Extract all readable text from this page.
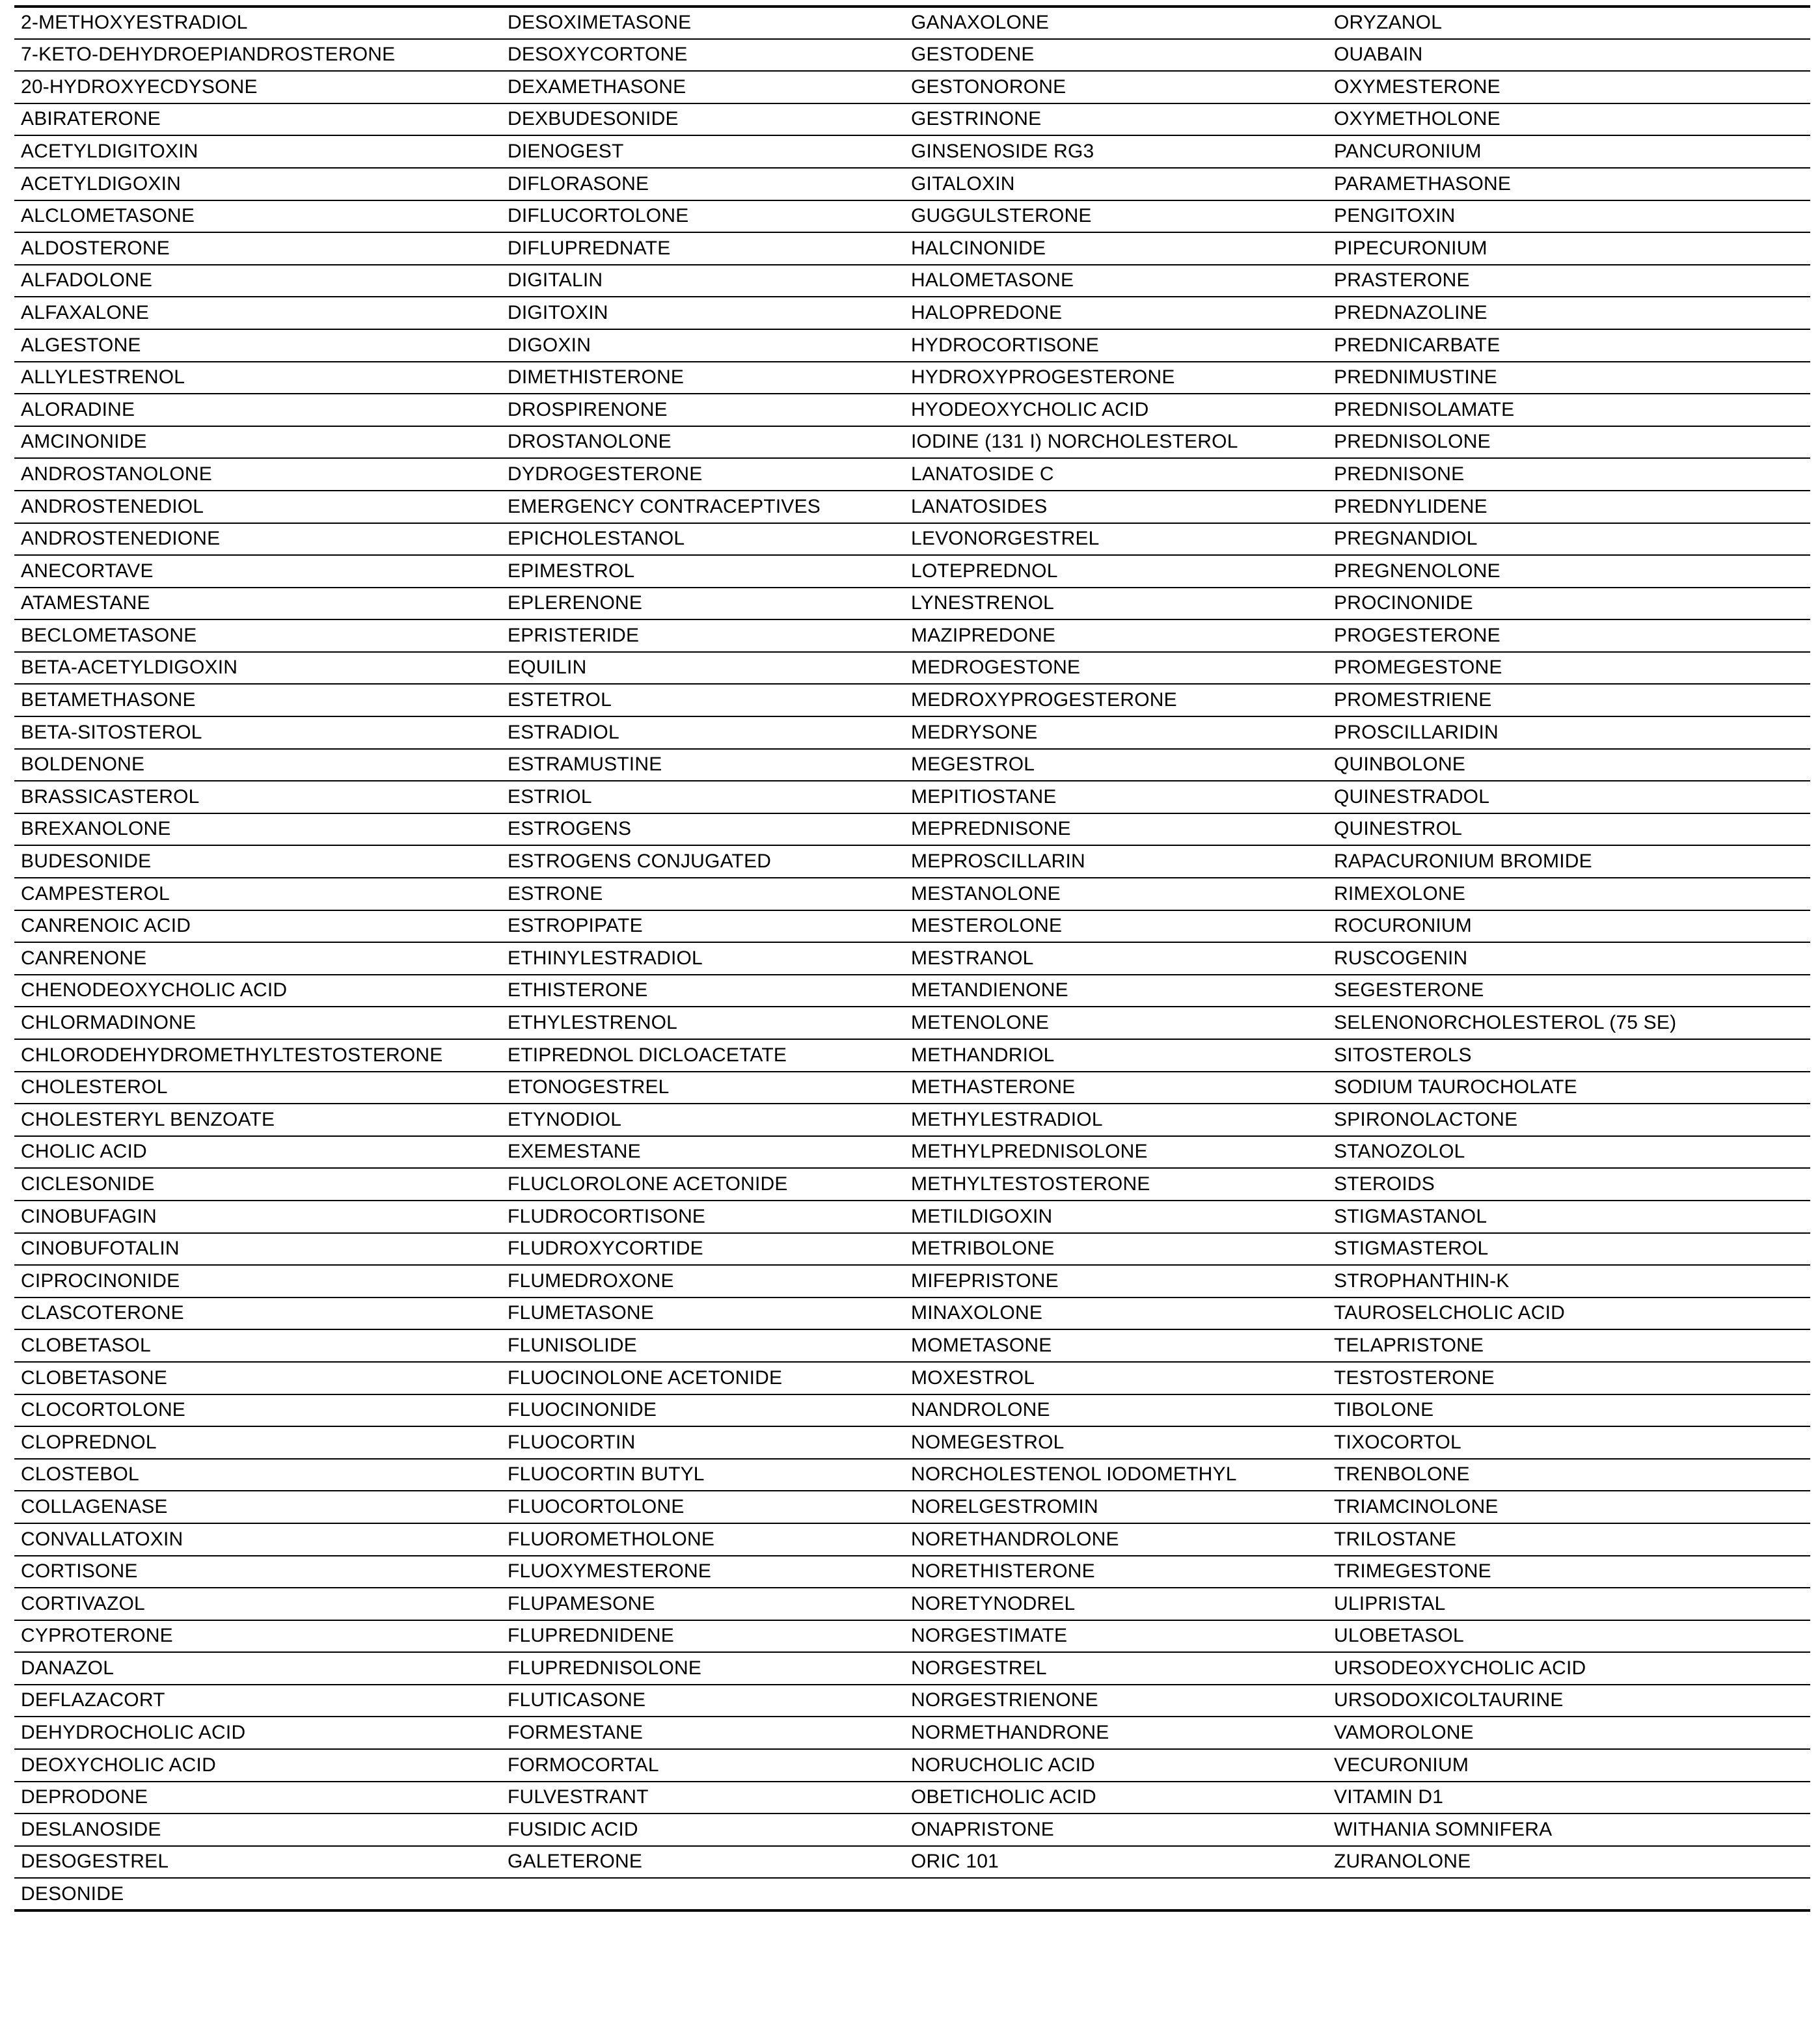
2-METHOXYESTRADIOL	DESOXIMETASONE	GANAXOLONE	ORYZANOL
7-KETO-DEHYDROEPIANDROSTERONE	DESOXYCORTONE	GESTODENE	OUABAIN
20-HYDROXYECDYSONE	DEXAMETHASONE	GESTONORONE	OXYMESTERONE
ABIRATERONE	DEXBUDESONIDE	GESTRINONE	OXYMETHOLONE
ACETYLDIGITOXIN	DIENOGEST	GINSENOSIDE RG3	PANCURONIUM
ACETYLDIGOXIN	DIFLORASONE	GITALOXIN	PARAMETHASONE
ALCLOMETASONE	DIFLUCORTOLONE	GUGGULSTERONE	PENGITOXIN
ALDOSTERONE	DIFLUPREDNATE	HALCINONIDE	PIPECURONIUM
ALFADOLONE	DIGITALIN	HALOMETASONE	PRASTERONE
ALFAXALONE	DIGITOXIN	HALOPREDONE	PREDNAZOLINE
ALGESTONE	DIGOXIN	HYDROCORTISONE	PREDNICARBATE
ALLYLESTRENOL	DIMETHISTERONE	HYDROXYPROGESTERONE	PREDNIMUSTINE
ALORADINE	DROSPIRENONE	HYODEOXYCHOLIC ACID	PREDNISOLAMATE
AMCINONIDE	DROSTANOLONE	IODINE (131 I) NORCHOLESTEROL	PREDNISOLONE
ANDROSTANOLONE	DYDROGESTERONE	LANATOSIDE C	PREDNISONE
ANDROSTENEDIOL	EMERGENCY CONTRACEPTIVES	LANATOSIDES	PREDNYLIDENE
ANDROSTENEDIONE	EPICHOLESTANOL	LEVONORGESTREL	PREGNANDIOL
ANECORTAVE	EPIMESTROL	LOTEPREDNOL	PREGNENOLONE
ATAMESTANE	EPLERENONE	LYNESTRENOL	PROCINONIDE
BECLOMETASONE	EPRISTERIDE	MAZIPREDONE	PROGESTERONE
BETA-ACETYLDIGOXIN	EQUILIN	MEDROGESTONE	PROMEGESTONE
BETAMETHASONE	ESTETROL	MEDROXYPROGESTERONE	PROMESTRIENE
BETA-SITOSTEROL	ESTRADIOL	MEDRYSONE	PROSCILLARIDIN
BOLDENONE	ESTRAMUSTINE	MEGESTROL	QUINBOLONE
BRASSICASTEROL	ESTRIOL	MEPITIOSTANE	QUINESTRADOL
BREXANOLONE	ESTROGENS	MEPREDNISONE	QUINESTROL
BUDESONIDE	ESTROGENS CONJUGATED	MEPROSCILLARIN	RAPACURONIUM BROMIDE
CAMPESTEROL	ESTRONE	MESTANOLONE	RIMEXOLONE
CANRENOIC ACID	ESTROPIPATE	MESTEROLONE	ROCURONIUM
CANRENONE	ETHINYLESTRADIOL	MESTRANOL	RUSCOGENIN
CHENODEOXYCHOLIC ACID	ETHISTERONE	METANDIENONE	SEGESTERONE
CHLORMADINONE	ETHYLESTRENOL	METENOLONE	SELENONORCHOLESTEROL (75 SE)
CHLORODEHYDROMETHYLTESTOSTERONE	ETIPREDNOL DICLOACETATE	METHANDRIOL	SITOSTEROLS
CHOLESTEROL	ETONOGESTREL	METHASTERONE	SODIUM TAUROCHOLATE
CHOLESTERYL BENZOATE	ETYNODIOL	METHYLESTRADIOL	SPIRONOLACTONE
CHOLIC ACID	EXEMESTANE	METHYLPREDNISOLONE	STANOZOLOL
CICLESONIDE	FLUCLOROLONE ACETONIDE	METHYLTESTOSTERONE	STEROIDS
CINOBUFAGIN	FLUDROCORTISONE	METILDIGOXIN	STIGMASTANOL
CINOBUFOTALIN	FLUDROXYCORTIDE	METRIBOLONE	STIGMASTEROL
CIPROCINONIDE	FLUMEDROXONE	MIFEPRISTONE	STROPHANTHIN-K
CLASCOTERONE	FLUMETASONE	MINAXOLONE	TAUROSELCHOLIC ACID
CLOBETASOL	FLUNISOLIDE	MOMETASONE	TELAPRISTONE
CLOBETASONE	FLUOCINOLONE ACETONIDE	MOXESTROL	TESTOSTERONE
CLOCORTOLONE	FLUOCINONIDE	NANDROLONE	TIBOLONE
CLOPREDNOL	FLUOCORTIN	NOMEGESTROL	TIXOCORTOL
CLOSTEBOL	FLUOCORTIN BUTYL	NORCHOLESTENOL IODOMETHYL	TRENBOLONE
COLLAGENASE	FLUOCORTOLONE	NORELGESTROMIN	TRIAMCINOLONE
CONVALLATOXIN	FLUOROMETHOLONE	NORETHANDROLONE	TRILOSTANE
CORTISONE	FLUOXYMESTERONE	NORETHISTERONE	TRIMEGESTONE
CORTIVAZOL	FLUPAMESONE	NORETYNODREL	ULIPRISTAL
CYPROTERONE	FLUPREDNIDENE	NORGESTIMATE	ULOBETASOL
DANAZOL	FLUPREDNISOLONE	NORGESTREL	URSODEOXYCHOLIC ACID
DEFLAZACORT	FLUTICASONE	NORGESTRIENONE	URSODOXICOLTAURINE
DEHYDROCHOLIC ACID	FORMESTANE	NORMETHANDRONE	VAMOROLONE
DEOXYCHOLIC ACID	FORMOCORTAL	NORUCHOLIC ACID	VECURONIUM
DEPRODONE	FULVESTRANT	OBETICHOLIC ACID	VITAMIN D1
DESLANOSIDE	FUSIDIC ACID	ONAPRISTONE	WITHANIA SOMNIFERA
DESOGESTREL	GALETERONE	ORIC 101	ZURANOLONE
DESONIDE			
